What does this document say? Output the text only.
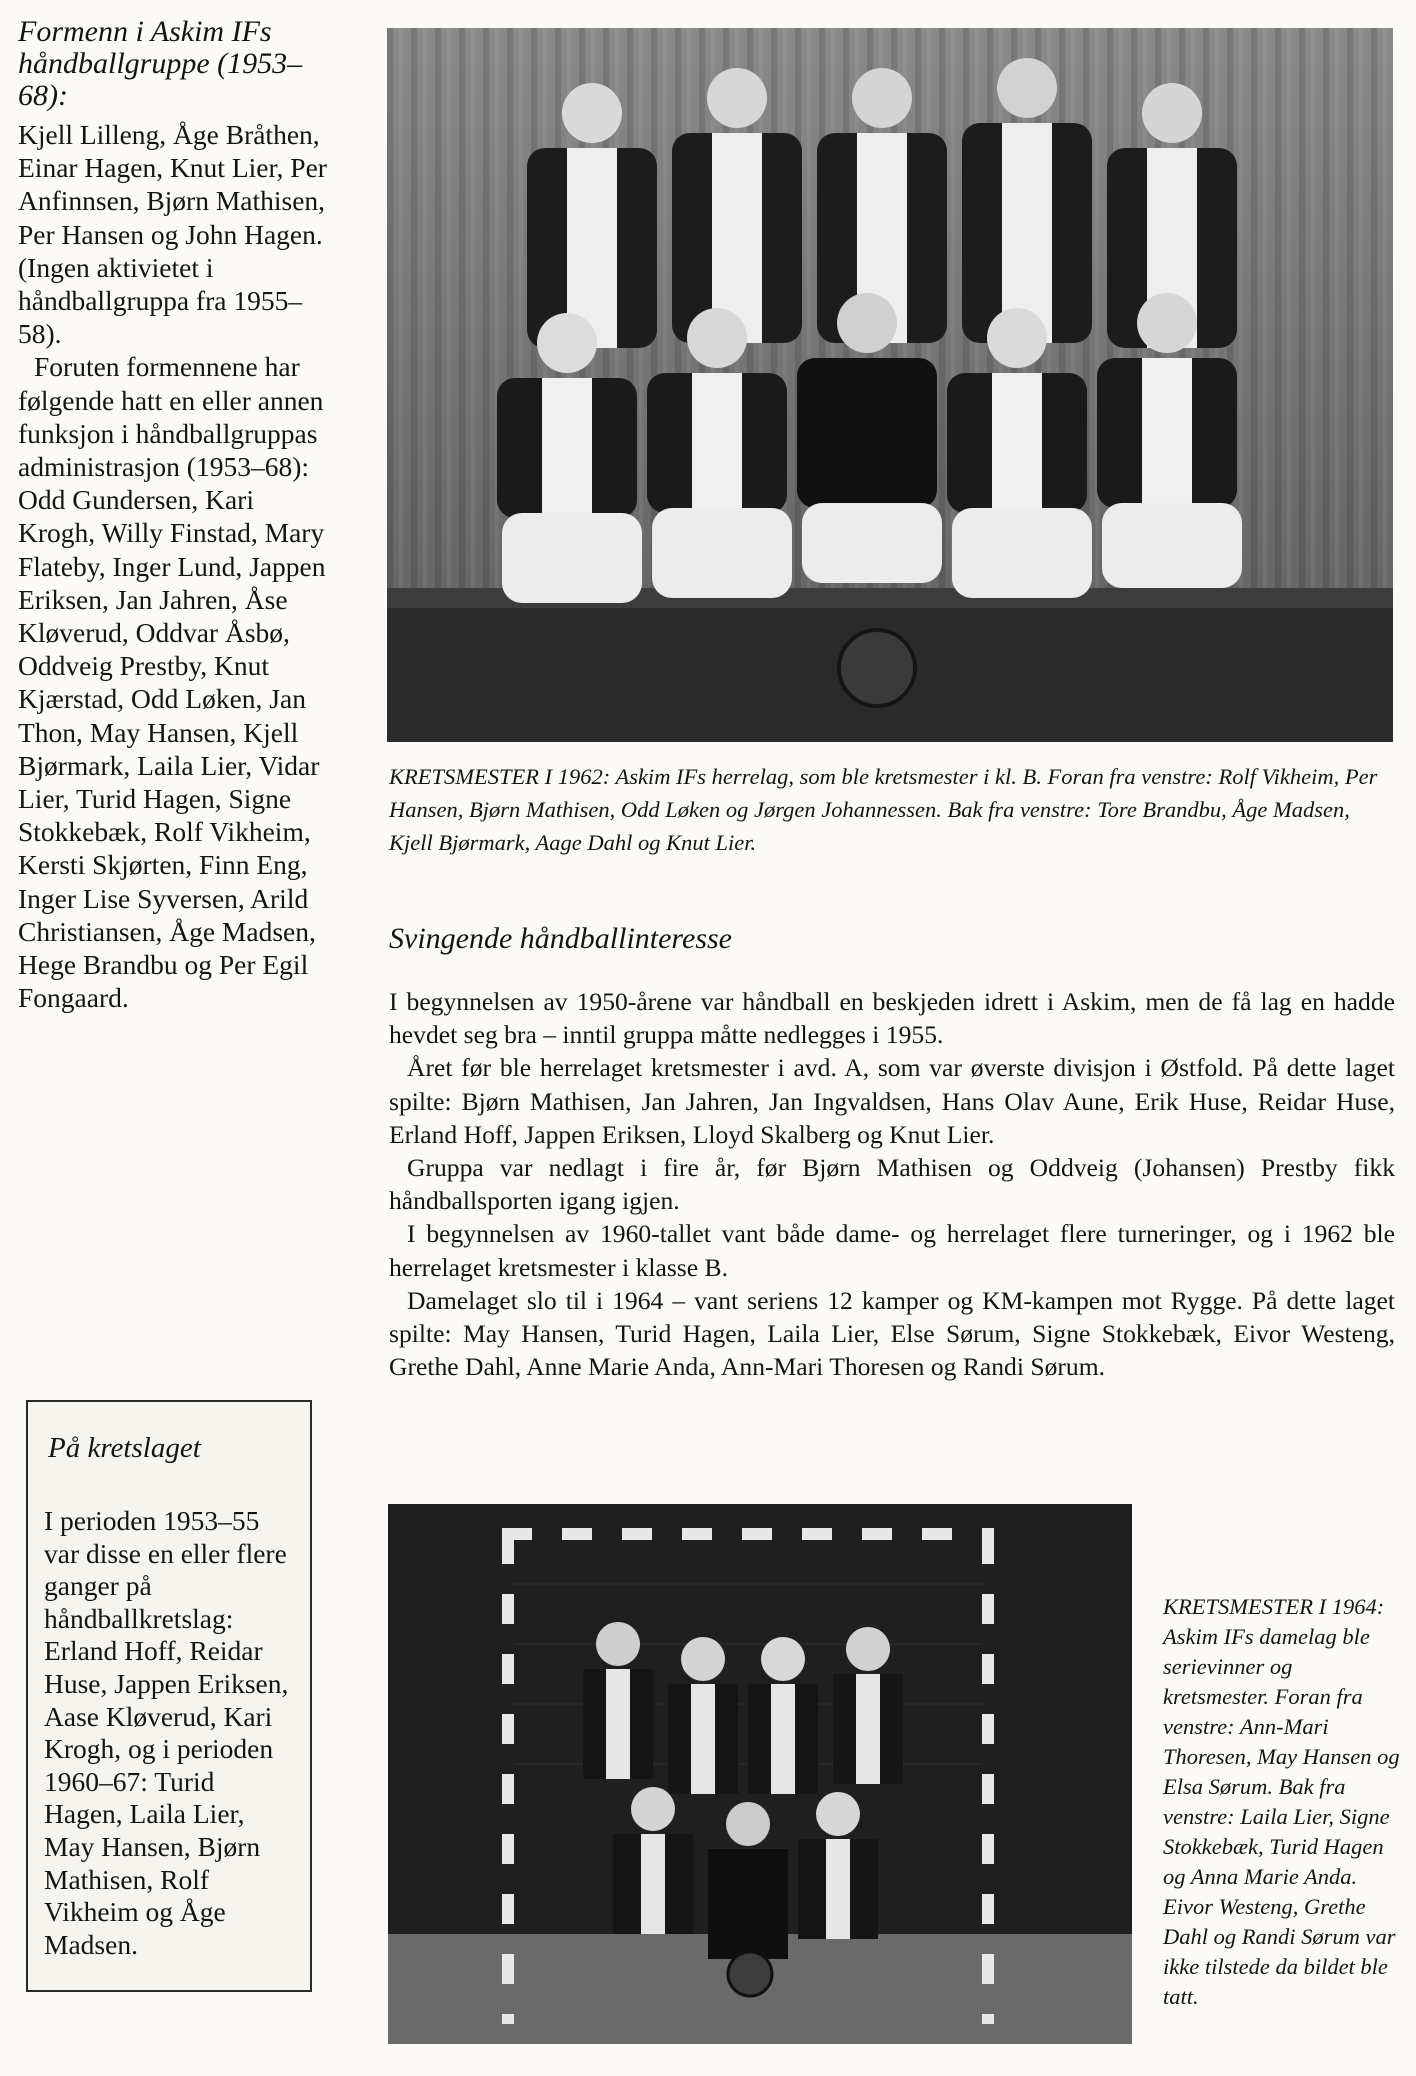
Formenn i Askim IFs håndballgruppe (1953–68):

Kjell Lilleng, Åge Bråthen, Einar Hagen, Knut Lier, Per Anfinnsen, Bjørn Mathisen, Per Hansen og John Hagen. (Ingen aktivietet i håndballgruppa fra 1955–58).

Foruten formennene har følgende hatt en eller annen funksjon i håndballgruppas administrasjon (1953–68): Odd Gundersen, Kari Krogh, Willy Finstad, Mary Flateby, Inger Lund, Jappen Eriksen, Jan Jahren, Åse Kløverud, Oddvar Åsbø, Oddveig Prestby, Knut Kjærstad, Odd Løken, Jan Thon, May Hansen, Kjell Bjørmark, Laila Lier, Vidar Lier, Turid Hagen, Signe Stokkebæk, Rolf Vikheim, Kersti Skjørten, Finn Eng, Inger Lise Syversen, Arild Christiansen, Åge Madsen, Hege Brandbu og Per Egil Fongaard.

På kretslaget

I perioden 1953–55 var disse en eller flere ganger på håndballkretslag: Erland Hoff, Reidar Huse, Jappen Eriksen, Aase Kløverud, Kari Krogh, og i perioden 1960–67: Turid Hagen, Laila Lier, May Hansen, Bjørn Mathisen, Rolf Vikheim og Åge Madsen.

KRETSMESTER I 1962: Askim IFs herrelag, som ble kretsmester i kl. B. Foran fra venstre: Rolf Vikheim, Per Hansen, Bjørn Mathisen, Odd Løken og Jørgen Johannessen. Bak fra venstre: Tore Brandbu, Åge Madsen, Kjell Bjørmark, Aage Dahl og Knut Lier.
Svingende håndballinteresse

I begynnelsen av 1950-årene var håndball en beskjeden idrett i Askim, men de få lag en hadde hevdet seg bra – inntil gruppa måtte nedlegges i 1955.

Året før ble herrelaget kretsmester i avd. A, som var øverste divisjon i Østfold. På dette laget spilte: Bjørn Mathisen, Jan Jahren, Jan Ingvaldsen, Hans Olav Aune, Erik Huse, Reidar Huse, Erland Hoff, Jappen Eriksen, Lloyd Skalberg og Knut Lier.

Gruppa var nedlagt i fire år, før Bjørn Mathisen og Oddveig (Johansen) Prestby fikk håndballsporten igang igjen.

I begynnelsen av 1960-tallet vant både dame- og herrelaget flere turneringer, og i 1962 ble herrelaget kretsmester i klasse B.

Damelaget slo til i 1964 – vant seriens 12 kamper og KM-kampen mot Rygge. På dette laget spilte: May Hansen, Turid Hagen, Laila Lier, Else Sørum, Signe Stokkebæk, Eivor Westeng, Grethe Dahl, Anne Marie Anda, Ann-Mari Thoresen og Randi Sørum.

KRETSMESTER I 1964: Askim IFs damelag ble serievinner og kretsmester. Foran fra venstre: Ann-Mari Thoresen, May Hansen og Elsa Sørum. Bak fra venstre: Laila Lier, Signe Stokkebæk, Turid Hagen og Anna Marie Anda. Eivor Westeng, Grethe Dahl og Randi Sørum var ikke tilstede da bildet ble tatt.
